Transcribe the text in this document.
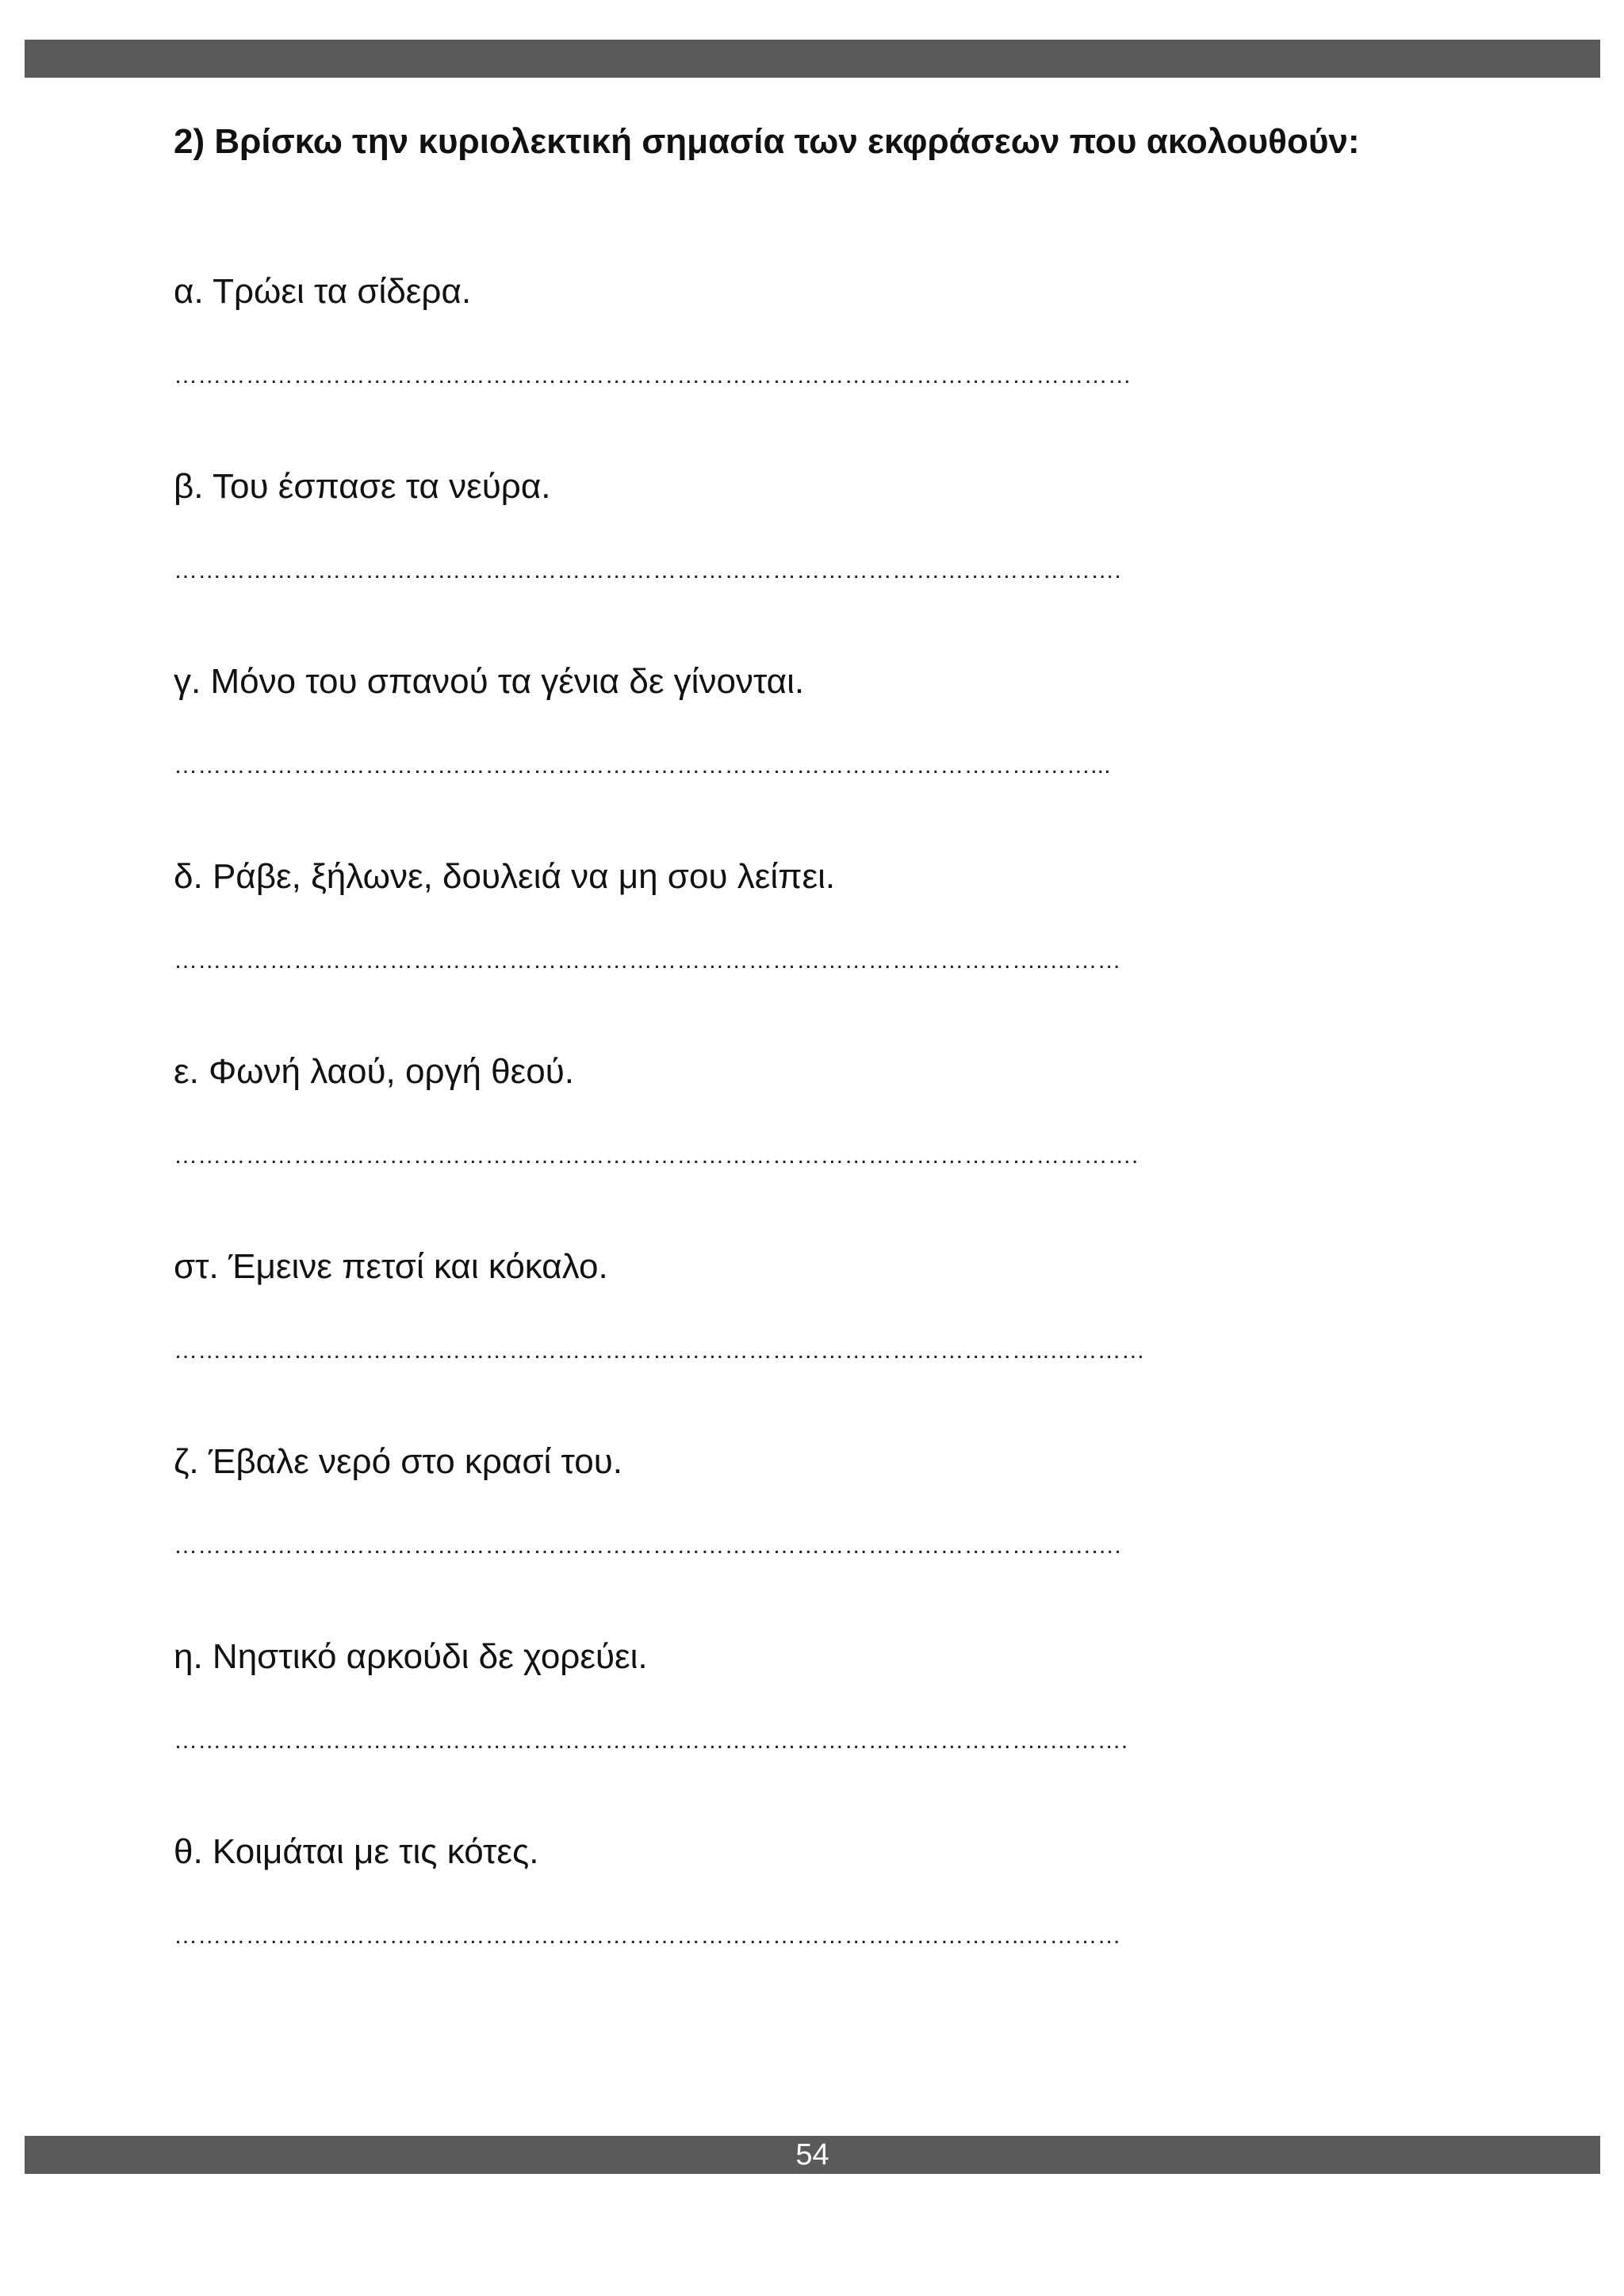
2) Βρίσκω την κυριολεκτική σημασία των εκφράσεων που ακολουθούν:
α. Τρώει τα σίδερα.
…………………………………………………………………………………………………………
β. Του έσπασε τα νεύρα.
……………………………………………………………………………………….……………….
γ. Μόνο του σπανού τα γένια δε γίνονται.
……………………………………………………………………………………………….……...
δ. Ράβε, ξήλωνε, δουλειά να μη σου λείπει.
………………………………………………………………………………………………..………
ε. Φωνή λαού, οργή θεού.
………………………………………………………………………………………………………….
στ. Έμεινε πετσί και κόκαλο.
………………………………………………………………………………………………..…………
ζ. Έβαλε νερό στο κρασί του.
…………………………………………………………………………………………………….….
η. Νηστικό αρκούδι δε χορεύει.
………………………………………………………………………………………………..……….
θ. Κοιμάται με τις κότες.
……………………………………………………………………………………………..…………
54
